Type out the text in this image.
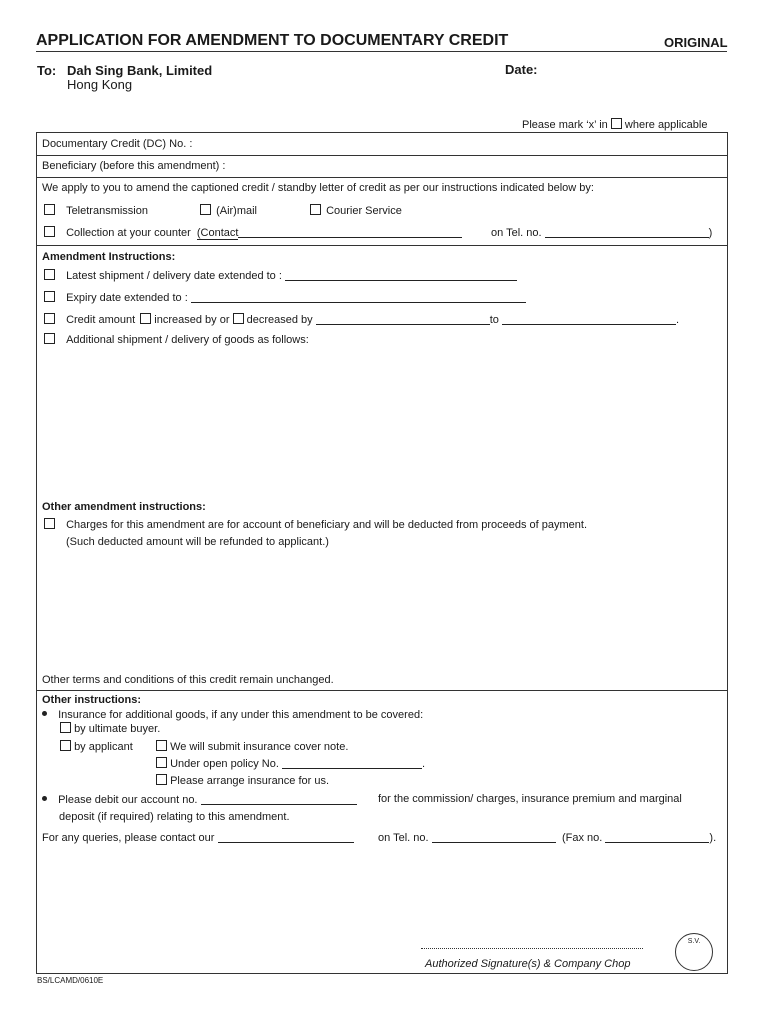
APPLICATION FOR AMENDMENT TO DOCUMENTARY CREDIT	ORIGINAL
To: Dah Sing Bank, Limited
Hong Kong
Date:
Please mark ‘x’ in where applicable
Documentary Credit (DC) No. :
Beneficiary (before this amendment) :
We apply to you to amend the captioned credit / standby letter of credit as per our instructions indicated below by:
Teletransmission	(Air)mail	Courier Service
Collection at your counter (Contact	on Tel. no.	)
Amendment Instructions:
Latest shipment / delivery date extended to :
Expiry date extended to :
Credit amount increased by or decreased by	to	.
Additional shipment / delivery of goods as follows:
Other amendment instructions:
Charges for this amendment are for account of beneficiary and will be deducted from proceeds of payment.
(Such deducted amount will be refunded to applicant.)
Other terms and conditions of this credit remain unchanged.
Other instructions:
Insurance for additional goods, if any under this amendment to be covered:
by ultimate buyer.
by applicant	We will submit insurance cover note.
Under open policy No.	.
Please arrange insurance for us.
Please debit our account no.	for the commission/ charges, insurance premium and marginal
deposit (if required) relating to this amendment.
For any queries, please contact our	on Tel. no.	(Fax no.	).
Authorized Signature(s) & Company Chop
S.V.
BS/LCAMD/0610E
